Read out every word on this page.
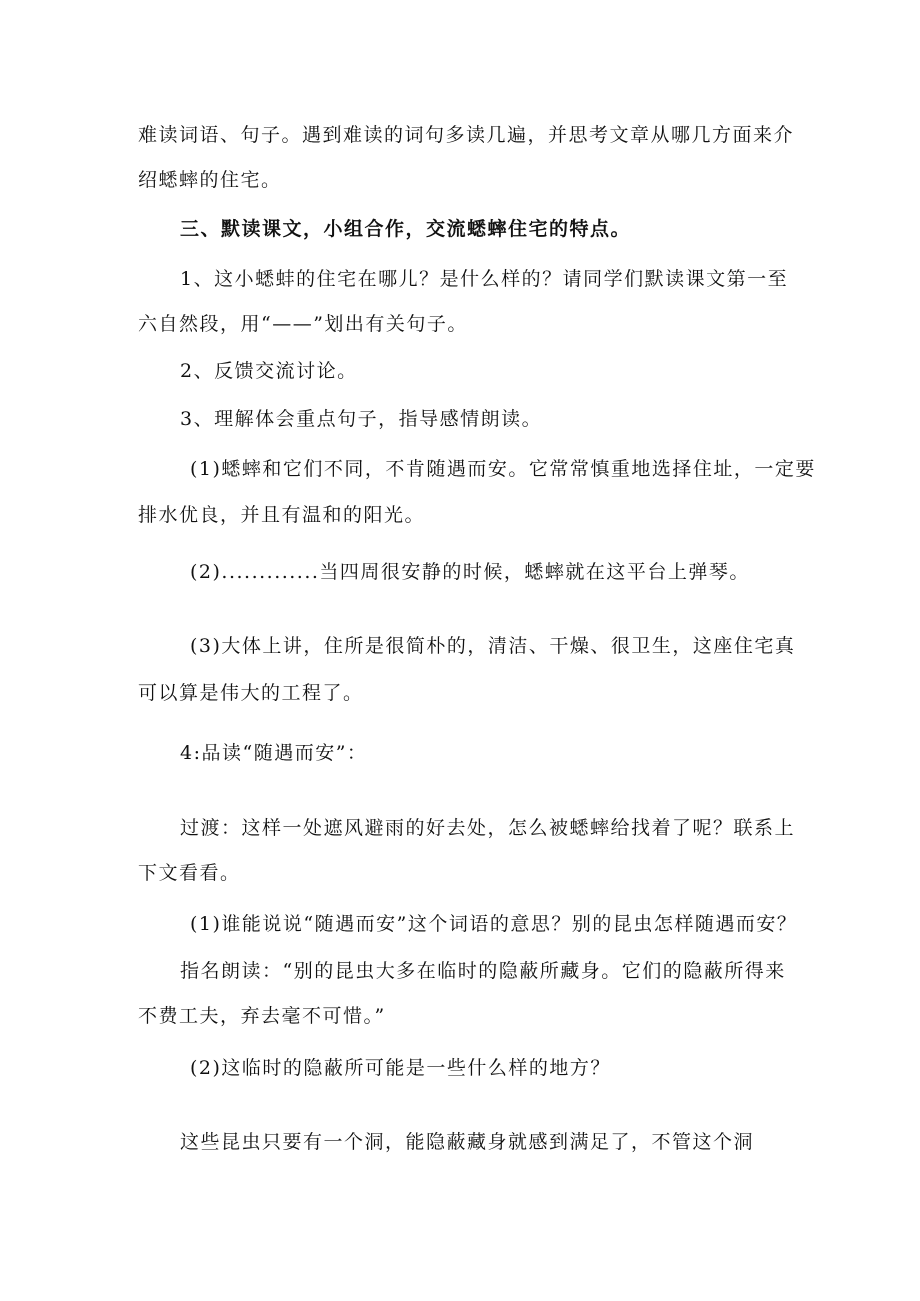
难读词语、句子。遇到难读的词句多读几遍，并思考文章从哪几方面来介
绍蟋蟀的住宅。
三、默读课文，小组合作，交流蟋蟀住宅的特点。
1、这小蟋蚌的住宅在哪儿？是什么样的？请同学们默读课文第一至
六自然段，用“——”划出有关句子。
2、反馈交流讨论。
3、理解体会重点句子，指导感情朗读。
(1)蟋蟀和它们不同，不肯随遇而安。它常常慎重地选择住址，一定要
排水优良，并且有温和的阳光。
(2).............当四周很安静的时候，蟋蟀就在这平台上弹琴。
(3)大体上讲，住所是很简朴的，清洁、干燥、很卫生，这座住宅真
可以算是伟大的工程了。
4:品读“随遇而安”：
过渡：这样一处遮风避雨的好去处，怎么被蟋蟀给找着了呢？联系上
下文看看。
(1)谁能说说“随遇而安”这个词语的意思？别的昆虫怎样随遇而安？
指名朗读：“别的昆虫大多在临时的隐蔽所藏身。它们的隐蔽所得来
不费工夫，弃去毫不可惜。”
(2)这临时的隐蔽所可能是一些什么样的地方？
这些昆虫只要有一个洞，能隐蔽藏身就感到满足了，不管这个洞
